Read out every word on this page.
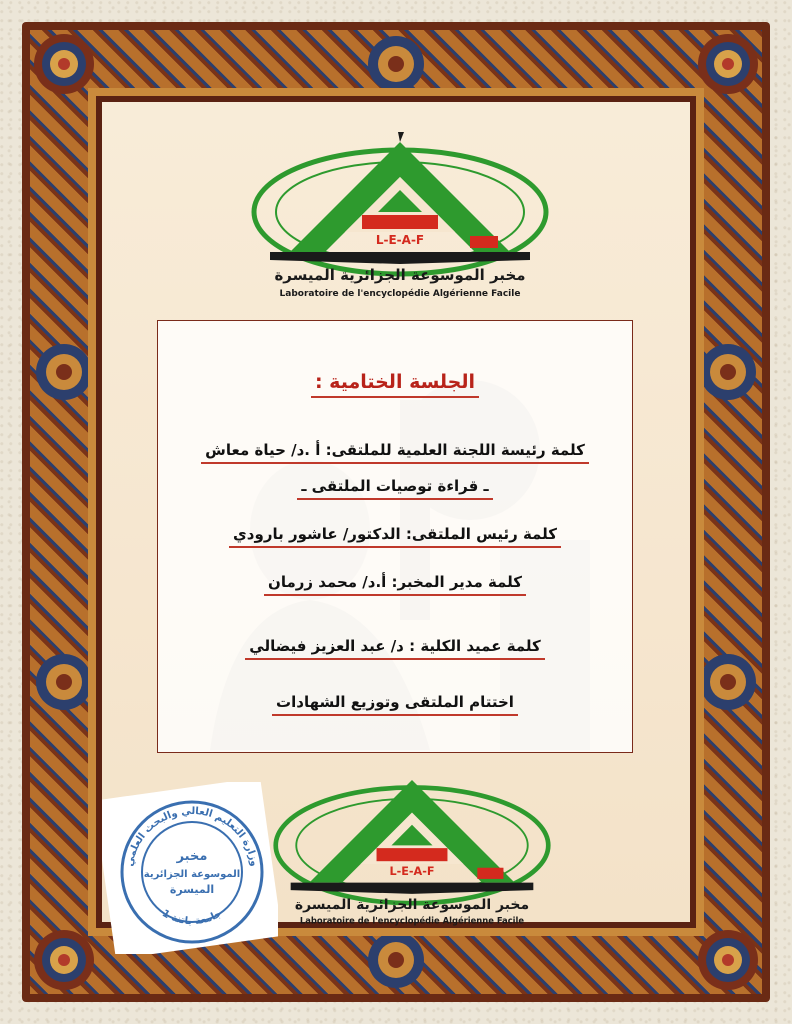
L-E-A-F
مخبر الموسوعة الجزائرية الميسرة
Laboratoire de l'encyclopédie Algérienne Facile
الجلسة الختامية :
كلمة رئيسة اللجنة العلمية للملتقى: أ .د/ حياة معاش
ـ قراءة توصيات الملتقى ـ
كلمة رئيس الملتقى: الدكتور/ عاشور بارودي
كلمة مدير المخبر: أ.د/ محمد زرمان
كلمة عميد الكلية : د/ عبد العزيز فيضالي
اختتام الملتقى وتوزيع الشهادات
L-E-A-F
مخبر الموسوعة الجزائرية الميسرة
Laboratoire de l'encyclopédie Algérienne Facile
وزارة التعليم العالي والبحث العلمي
جامعة باتنة 1
مخبر
الموسوعة الجزائرية
الميسرة
